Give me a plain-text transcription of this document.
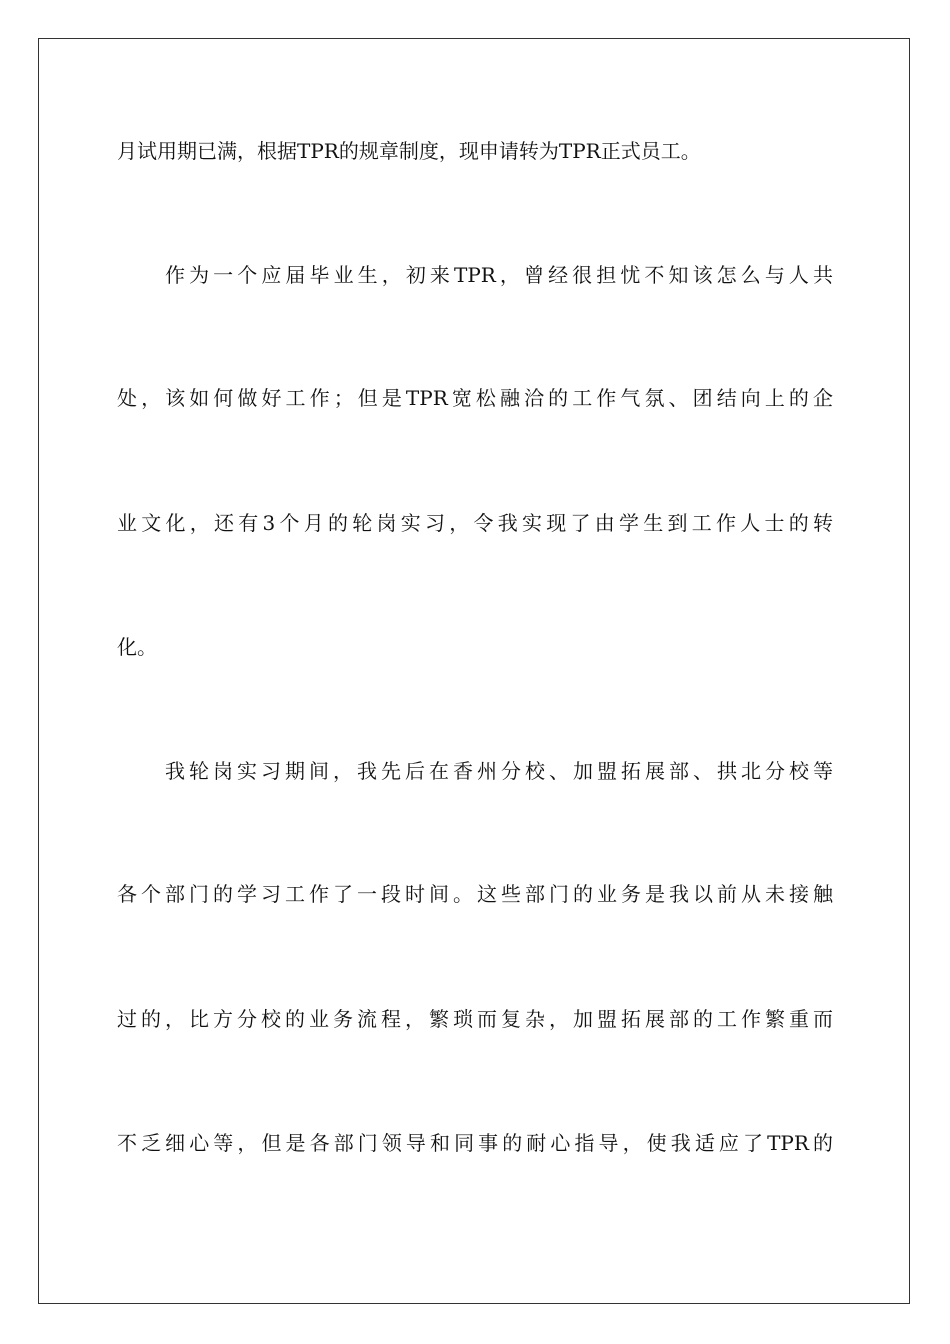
月试用期已满，根据TPR的规章制度，现申请转为TPR正式员工。
作为一个应届毕业生，初来TPR，曾经很担忧不知该怎么与人共
处，该如何做好工作；但是TPR宽松融洽的工作气氛、团结向上的企
业文化，还有3个月的轮岗实习，令我实现了由学生到工作人士的转
化。
我轮岗实习期间，我先后在香州分校、加盟拓展部、拱北分校等
各个部门的学习工作了一段时间。这些部门的业务是我以前从未接触
过的，比方分校的业务流程，繁琐而复杂，加盟拓展部的工作繁重而
不乏细心等，但是各部门领导和同事的耐心指导，使我适应了TPR的
